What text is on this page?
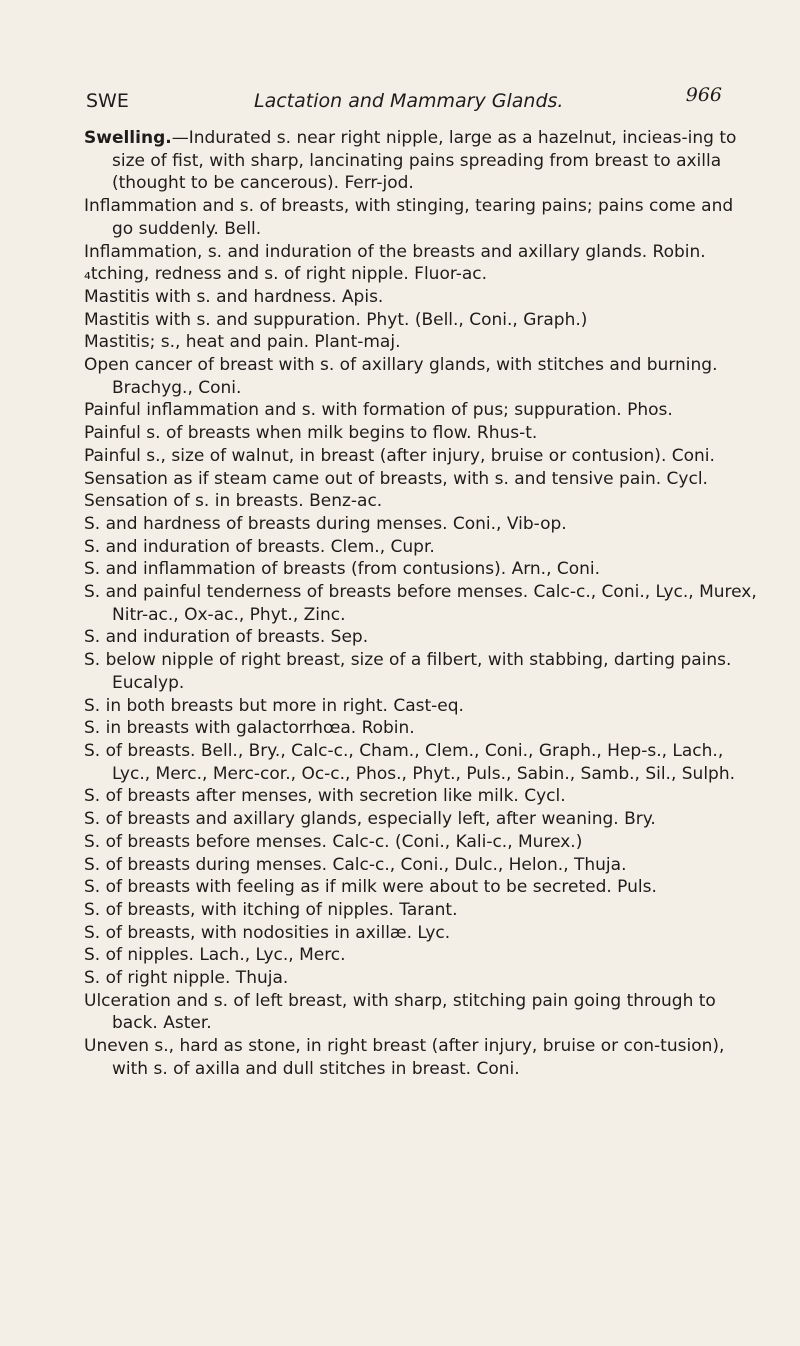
SWE	Lactation and Mammary Glands.	966

Swelling.—Indurated s. near right nipple, large as a hazelnut, incieas-ing to size of fist, with sharp, lancinating pains spreading from breast to axilla (thought to be cancerous). Ferr-jod.

Inflammation and s. of breasts, with stinging, tearing pains; pains come and go suddenly. Bell.

Inflammation, s. and induration of the breasts and axillary glands. Robin.

₄tching, redness and s. of right nipple. Fluor-ac.

Mastitis with s. and hardness. Apis.

Mastitis with s. and suppuration. Phyt. (Bell., Coni., Graph.)

Mastitis; s., heat and pain. Plant-maj.

Open cancer of breast with s. of axillary glands, with stitches and burning. Brachyg., Coni.

Painful inflammation and s. with formation of pus; suppuration. Phos.

Painful s. of breasts when milk begins to flow. Rhus-t.

Painful s., size of walnut, in breast (after injury, bruise or contusion). Coni.

Sensation as if steam came out of breasts, with s. and tensive pain. Cycl.

Sensation of s. in breasts. Benz-ac.

S. and hardness of breasts during menses. Coni., Vib-op.

S. and induration of breasts. Clem., Cupr.

S. and inflammation of breasts (from contusions). Arn., Coni.

S. and painful tenderness of breasts before menses. Calc-c., Coni., Lyc., Murex, Nitr-ac., Ox-ac., Phyt., Zinc.

S. and induration of breasts. Sep.

S. below nipple of right breast, size of a filbert, with stabbing, darting pains. Eucalyp.

S. in both breasts but more in right. Cast-eq.

S. in breasts with galactorrhœa. Robin.

S. of breasts. Bell., Bry., Calc-c., Cham., Clem., Coni., Graph., Hep-s., Lach., Lyc., Merc., Merc-cor., Oc-c., Phos., Phyt., Puls., Sabin., Samb., Sil., Sulph.

S. of breasts after menses, with secretion like milk. Cycl.

S. of breasts and axillary glands, especially left, after weaning. Bry.

S. of breasts before menses. Calc-c. (Coni., Kali-c., Murex.)

S. of breasts during menses. Calc-c., Coni., Dulc., Helon., Thuja.

S. of breasts with feeling as if milk were about to be secreted. Puls.

S. of breasts, with itching of nipples. Tarant.

S. of breasts, with nodosities in axillæ. Lyc.

S. of nipples. Lach., Lyc., Merc.

S. of right nipple. Thuja.

Ulceration and s. of left breast, with sharp, stitching pain going through to back. Aster.

Uneven s., hard as stone, in right breast (after injury, bruise or con-tusion), with s. of axilla and dull stitches in breast. Coni.
